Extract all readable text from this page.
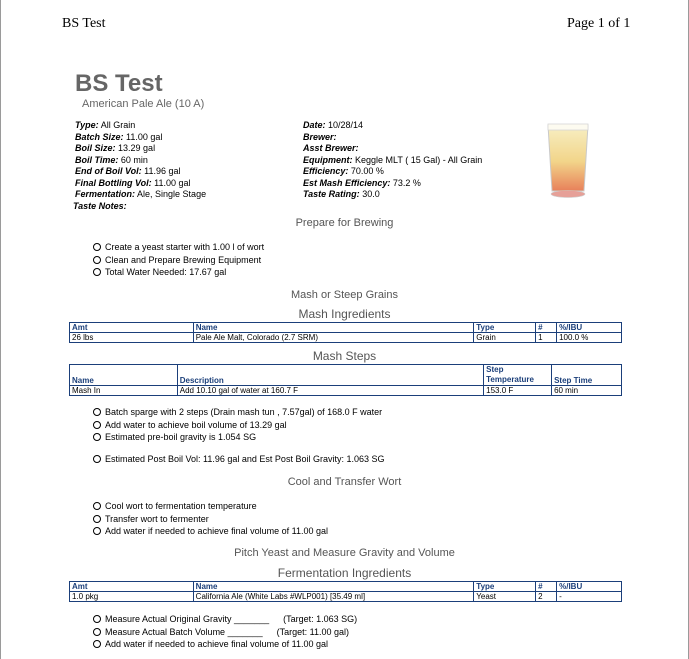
BS Test	Page 1 of 1
BS Test
American Pale Ale (10 A)
Type: All Grain
Batch Size: 11.00 gal
Boil Size: 13.29 gal
Boil Time: 60 min
End of Boil Vol: 11.96 gal
Final Bottling Vol: 11.00 gal
Fermentation: Ale, Single Stage
Date: 10/28/14
Brewer:
Asst Brewer:
Equipment: Keggle MLT ( 15 Gal) - All Grain
Efficiency: 70.00 %
Est Mash Efficiency: 73.2 %
Taste Rating: 30.0
Taste Notes:
Prepare for Brewing
Create a yeast starter with 1.00 l of wort
Clean and Prepare Brewing Equipment
Total Water Needed: 17.67 gal
Mash or Steep Grains
Mash Ingredients
Amt	Name	Type	#	%/IBU
26 lbs	Pale Ale Malt, Colorado (2.7 SRM)	Grain	1	100.0 %
Mash Steps
Name	Description	Step Temperature	Step Time
Mash In	Add 10.10 gal of water at 160.7 F	153.0 F	60 min
Batch sparge with 2 steps (Drain mash tun , 7.57gal) of 168.0 F water
Add water to achieve boil volume of 13.29 gal
Estimated pre-boil gravity is 1.054 SG
Estimated Post Boil Vol: 11.96 gal and Est Post Boil Gravity: 1.063 SG
Cool and Transfer Wort
Cool wort to fermentation temperature
Transfer wort to fermenter
Add water if needed to achieve final volume of 11.00 gal
Pitch Yeast and Measure Gravity and Volume
Fermentation Ingredients
Amt	Name	Type	#	%/IBU
1.0 pkg	California Ale (White Labs #WLP001) [35.49 ml]	Yeast	2	-
Measure Actual Original Gravity _______ (Target: 1.063 SG)
Measure Actual Batch Volume _______ (Target: 11.00 gal)
Add water if needed to achieve final volume of 11.00 gal
